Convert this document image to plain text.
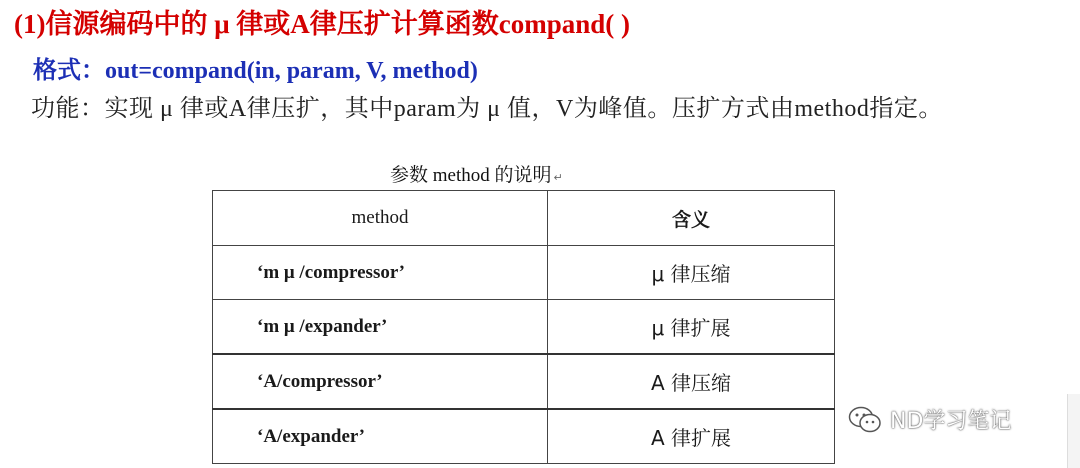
(1)信源编码中的 μ 律或A律压扩计算函数compand( )
格式：out=compand(in, param, V, method)
功能：实现 μ 律或A律压扩，其中param为 μ 值，V为峰值。压扩方式由method指定。
参数 method 的说明 ↵
method	含义
‘m μ /compressor’	μ 律压缩
‘m μ /expander’	μ 律扩展
‘A/compressor’	A 律压缩
‘A/expander’	A 律扩展
ND学习笔记
